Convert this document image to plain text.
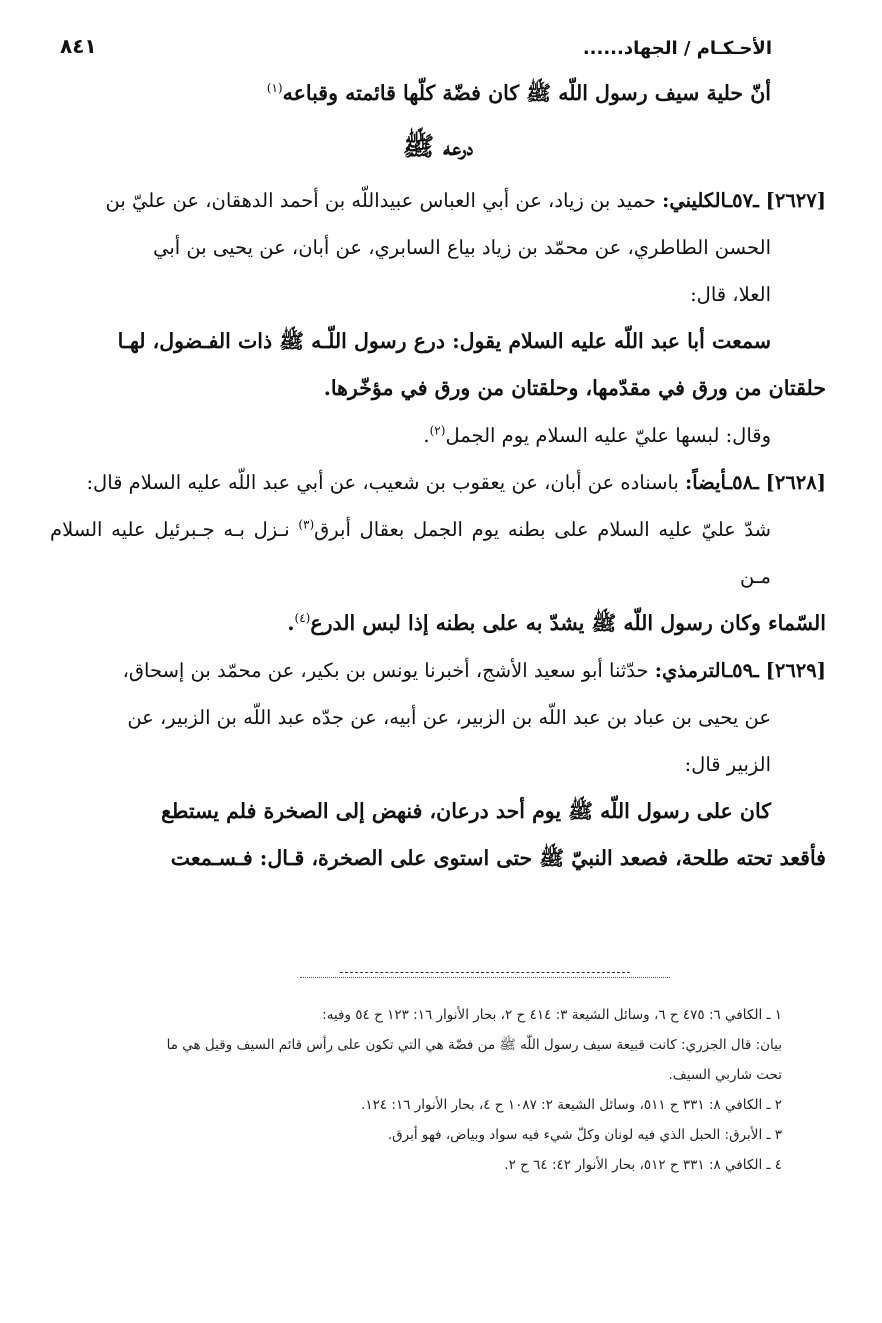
الأحـكـام / الجهاد......
٨٤١

أنّ حلية سيف رسول اللّه ﷺ كان فضّة كلّها قائمته وقباعه$^{(١)}$

درعه ﷺ

[٢٦٢٧] ـ٥٧ـالكليني: حميد بن زياد، عن أبي العباس عبيداللّه بن أحمد الدهقان، عن عليّ بن

الحسن الطاطري، عن محمّد بن زياد بياع السابري، عن أبان، عن يحيى بن أبي

العلا، قال:

سمعت أبا عبد اللّه عليه السلام يقول: درع رسول اللّـه ﷺ ذات الفـضول، لهـا

حلقتان من ورق في مقدّمها، وحلقتان من ورق في مؤخّرها.

وقال: لبسها عليّ عليه السلام يوم الجمل$^{(٢)}$.

[٢٦٢٨] ـ٥٨ـأيضاً: باسناده عن أبان، عن يعقوب بن شعيب، عن أبي عبد اللّه عليه السلام قال:

شدّ عليّ عليه السلام على بطنه يوم الجمل بعقال أبرق$^{(٣)}$ نـزل بـه جـبرئيل عليه السلام مـن

السّماء وكان رسول اللّه ﷺ يشدّ به على بطنه إذا لبس الدرع$^{(٤)}$.

[٢٦٢٩] ـ٥٩ـالترمذي: حدّثنا أبو سعيد الأشج، أخبرنا يونس بن بكير، عن محمّد بن إسحاق،

عن يحيى بن عباد بن عبد اللّه بن الزبير، عن أبيه، عن جدّه عبد اللّه بن الزبير، عن

الزبير قال:

كان على رسول اللّه ﷺ يوم أحد درعان، فنهض إلى الصخرة فلم يستطع

فأقعد تحته طلحة، فصعد النبيّ ﷺ حتى استوى على الصخرة، قـال: فـسـمعت

١ ـ الكافي ٦: ٤٧٥ ح ٦، وسائل الشيعة ٣: ٤١٤ ح ٢، بحار الأنوار ١٦: ١٢٣ ح ٥٤ وفيه:

بيان: قال الجزري: كانت قبيعة سيف رسول اللّه ﷺ من فضّة هي التي تكون على رأس قائم السيف وقيل هي ما

تحت شاربي السيف.

٢ ـ الكافي ٨: ٣٣١ ح ٥١١، وسائل الشيعة ٢: ١٠٨٧ ح ٤، بحار الأنوار ١٦: ١٢٤.

٣ ـ الأبرق: الحبل الذي فيه لونان وكلّ شيء فيه سواد وبياض، فهو أبرق.

٤ ـ الكافي ٨: ٣٣١ ح ٥١٢، بحار الأنوار ٤٢: ٦٤ ح ٢.
